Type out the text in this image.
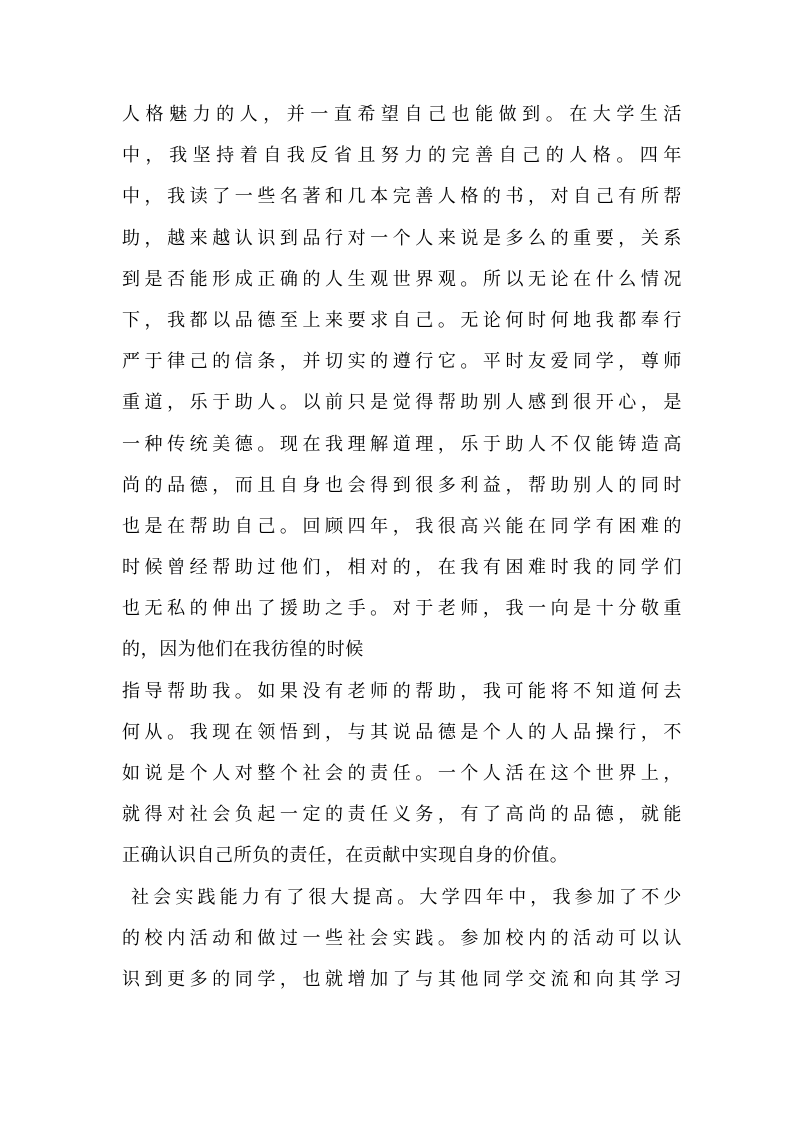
人格魅力的人，并一直希望自己也能做到。在大学生活
中，我坚持着自我反省且努力的完善自己的人格。四年
中，我读了一些名著和几本完善人格的书，对自己有所帮
助，越来越认识到品行对一个人来说是多么的重要，关系
到是否能形成正确的人生观世界观。所以无论在什么情况
下，我都以品德至上来要求自己。无论何时何地我都奉行
严于律己的信条，并切实的遵行它。平时友爱同学，尊师
重道，乐于助人。以前只是觉得帮助别人感到很开心，是
一种传统美德。现在我理解道理，乐于助人不仅能铸造高
尚的品德，而且自身也会得到很多利益，帮助别人的同时
也是在帮助自己。回顾四年，我很高兴能在同学有困难的
时候曾经帮助过他们，相对的，在我有困难时我的同学们
也无私的伸出了援助之手。对于老师，我一向是十分敬重
的，因为他们在我彷徨的时候
指导帮助我。如果没有老师的帮助，我可能将不知道何去
何从。我现在领悟到，与其说品德是个人的人品操行，不
如说是个人对整个社会的责任。一个人活在这个世界上，
就得对社会负起一定的责任义务，有了高尚的品德，就能
正确认识自己所负的责任，在贡献中实现自身的价值。
社会实践能力有了很大提高。大学四年中，我参加了不少
的校内活动和做过一些社会实践。参加校内的活动可以认
识到更多的同学，也就增加了与其他同学交流和向其学习
